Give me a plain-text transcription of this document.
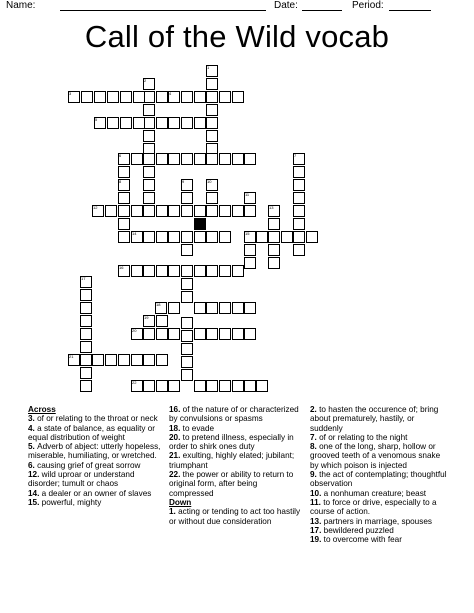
Name:	Date:	Period:
Call of the Wild vocab
1
2
3	4
5
6	7
8	9	10
11
12	13
14	15
16
17
18
19
20
21
22
Across
3. of or relating to the throat or neck
4. a state of balance, as equality or equal distribution of weight
5. Adverb of abject: utterly hopeless, miserable, humiliating, or wretched.
6. causing grief of great sorrow
12. wild uproar or understand disorder; tumult or chaos
14. a dealer or an owner of slaves
15. powerful, mighty
16. of the nature of or characterized by convulsions or spasms
18. to evade
20. to pretend illness, especially in order to shirk ones duty
21. exulting, highly elated; jubilant; triumphant
22. the power or ability to return to original form, after being compressed
Down
1. acting or tending to act too hastily or without due consideration
2. to hasten the occurence of; bring about prematurely, hastily, or suddenly
7. of or relating to the night
8. one of the long, sharp, hollow or grooved teeth of a venomous snake by which poison is injected
9. the act of contemplating; thoughtful observation
10. a nonhuman creature; beast
11. to force or drive, especially to a course of action.
13. partners in marriage, spouses
17. bewildered puzzled
19. to overcome with fear
